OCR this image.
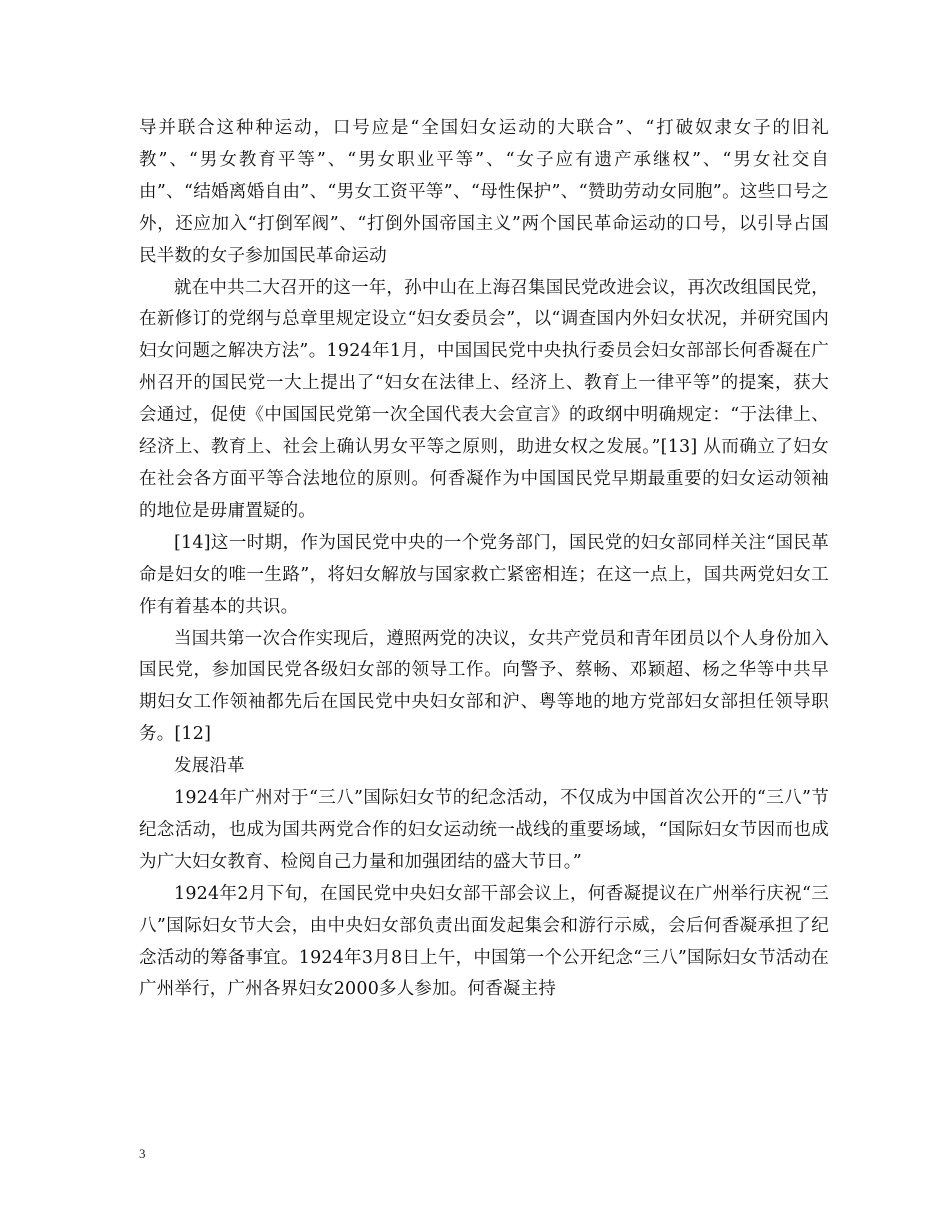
导并联合这种种运动，口号应是“全国妇女运动的大联合”、“打破奴隶女子的旧礼教”、“男女教育平等”、“男女职业平等”、“女子应有遗产承继权”、“男女社交自由”、“结婚离婚自由”、“男女工资平等”、“母性保护”、“赞助劳动女同胞”。这些口号之外，还应加入“打倒军阀”、“打倒外国帝国主义”两个国民革命运动的口号，以引导占国民半数的女子参加国民革命运动

就在中共二大召开的这一年，孙中山在上海召集国民党改进会议，再次改组国民党，在新修订的党纲与总章里规定设立“妇女委员会”，以“调查国内外妇女状况，并研究国内妇女问题之解决方法”。1924年1月，中国国民党中央执行委员会妇女部部长何香凝在广州召开的国民党一大上提出了“妇女在法律上、经济上、教育上一律平等”的提案，获大会通过，促使《中国国民党第一次全国代表大会宣言》的政纲中明确规定：“于法律上、经济上、教育上、社会上确认男女平等之原则，助进女权之发展。”[13] 从而确立了妇女在社会各方面平等合法地位的原则。何香凝作为中国国民党早期最重要的妇女运动领袖的地位是毋庸置疑的。

[14]这一时期，作为国民党中央的一个党务部门，国民党的妇女部同样关注“国民革命是妇女的唯一生路”，将妇女解放与国家救亡紧密相连；在这一点上，国共两党妇女工作有着基本的共识。

当国共第一次合作实现后，遵照两党的决议，女共产党员和青年团员以个人身份加入国民党，参加国民党各级妇女部的领导工作。向警予、蔡畅、邓颖超、杨之华等中共早期妇女工作领袖都先后在国民党中央妇女部和沪、粤等地的地方党部妇女部担任领导职务。[12]

发展沿革

1924年广州对于“三八”国际妇女节的纪念活动，不仅成为中国首次公开的“三八”节纪念活动，也成为国共两党合作的妇女运动统一战线的重要场域，“国际妇女节因而也成为广大妇女教育、检阅自己力量和加强团结的盛大节日。”

1924年2月下旬，在国民党中央妇女部干部会议上，何香凝提议在广州举行庆祝“三八”国际妇女节大会，由中央妇女部负责出面发起集会和游行示威，会后何香凝承担了纪念活动的筹备事宜。1924年3月8日上午，中国第一个公开纪念“三八”国际妇女节活动在广州举行，广州各界妇女2000多人参加。何香凝主持

3
